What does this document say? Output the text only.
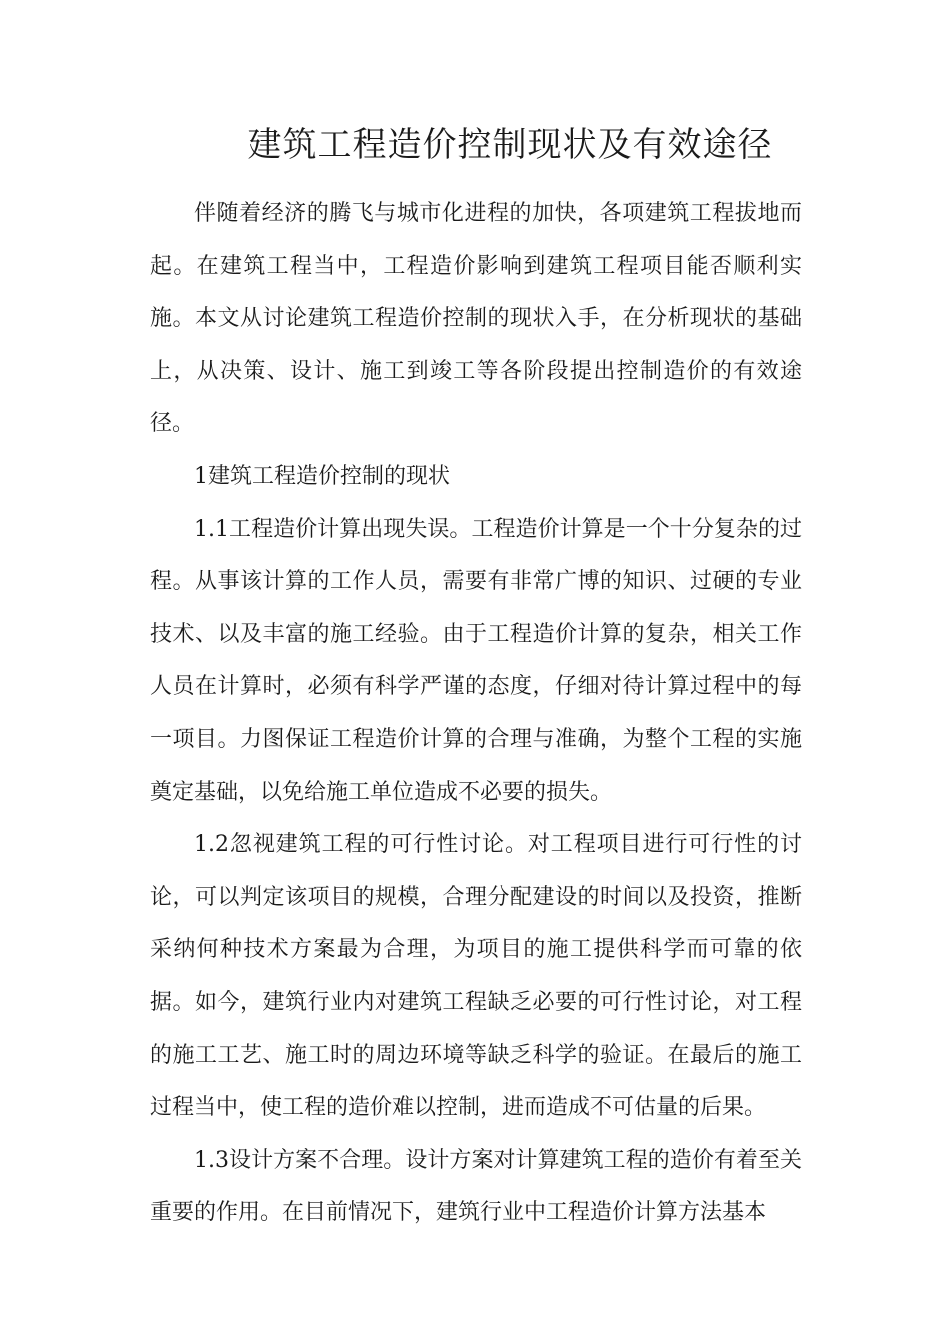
建筑工程造价控制现状及有效途径

伴随着经济的腾飞与城市化进程的加快，各项建筑工程拔地而起。在建筑工程当中，工程造价影响到建筑工程项目能否顺利实施。本文从讨论建筑工程造价控制的现状入手，在分析现状的基础上，从决策、设计、施工到竣工等各阶段提出控制造价的有效途径。

1建筑工程造价控制的现状

1.1工程造价计算出现失误。工程造价计算是一个十分复杂的过程。从事该计算的工作人员，需要有非常广博的知识、过硬的专业技术、以及丰富的施工经验。由于工程造价计算的复杂，相关工作人员在计算时，必须有科学严谨的态度，仔细对待计算过程中的每一项目。力图保证工程造价计算的合理与准确，为整个工程的实施奠定基础，以免给施工单位造成不必要的损失。

1.2忽视建筑工程的可行性讨论。对工程项目进行可行性的讨论，可以判定该项目的规模，合理分配建设的时间以及投资，推断采纳何种技术方案最为合理，为项目的施工提供科学而可靠的依据。如今，建筑行业内对建筑工程缺乏必要的可行性讨论，对工程的施工工艺、施工时的周边环境等缺乏科学的验证。在最后的施工过程当中，使工程的造价难以控制，进而造成不可估量的后果。

1.3设计方案不合理。设计方案对计算建筑工程的造价有着至关重要的作用。在目前情况下，建筑行业中工程造价计算方法基本
